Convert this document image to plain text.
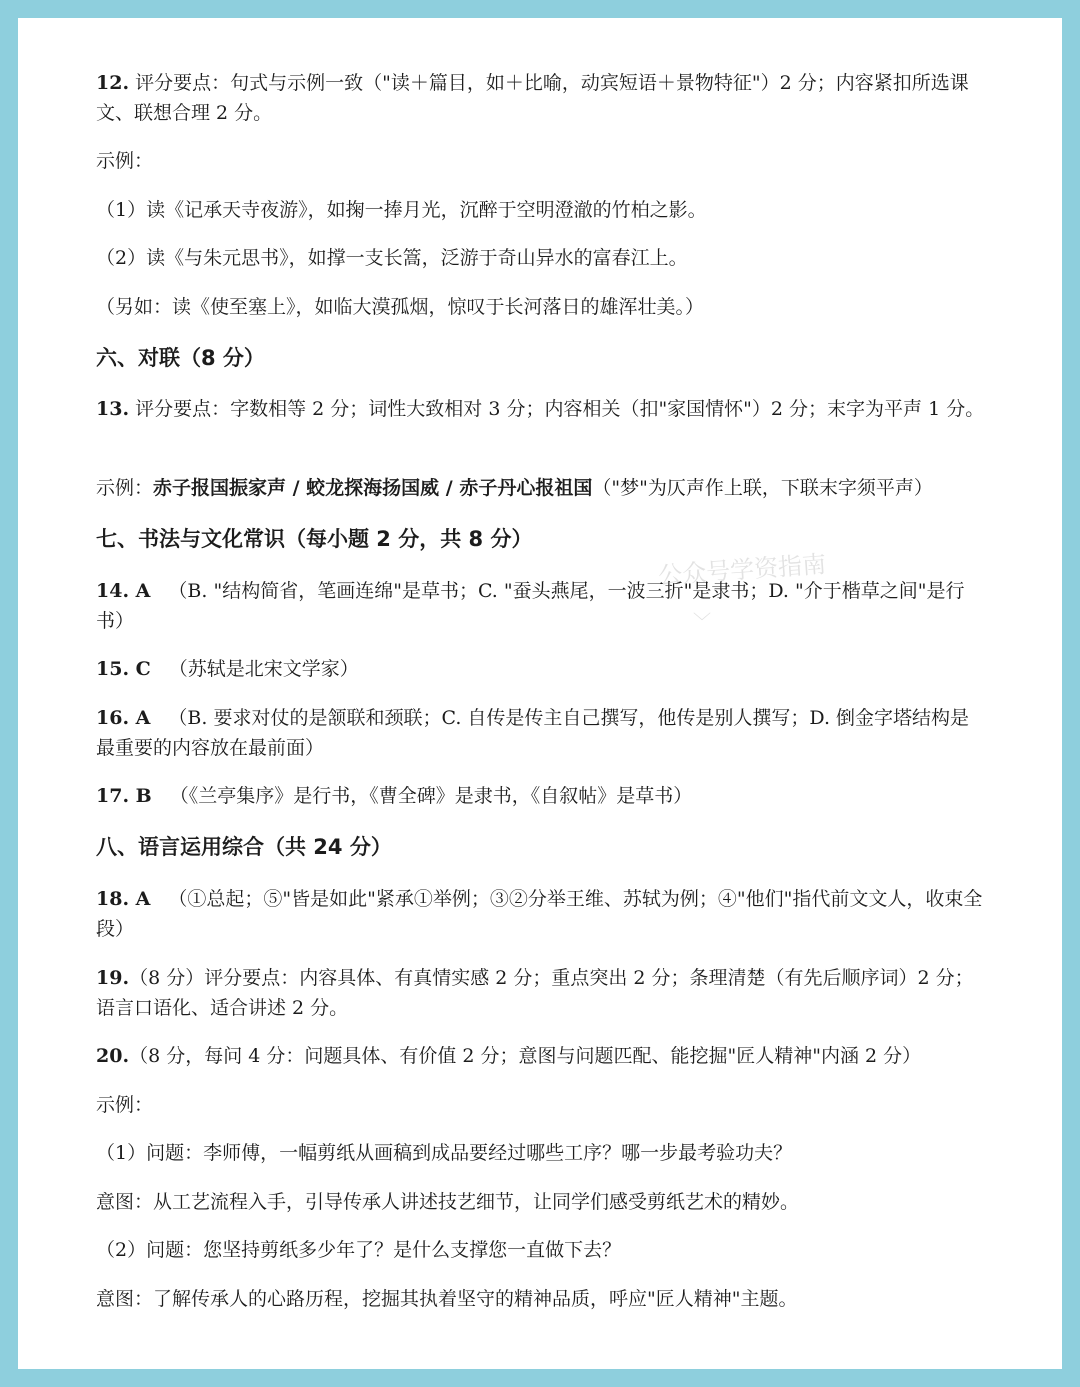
12. 评分要点：句式与示例一致（"读＋篇目，如＋比喻，动宾短语＋景物特征"）2 分；内容紧扣所选课文、联想合理 2 分。
示例：
（1）读《记承天寺夜游》，如掬一捧月光，沉醉于空明澄澈的竹柏之影。
（2）读《与朱元思书》，如撑一支长篙，泛游于奇山异水的富春江上。
（另如：读《使至塞上》，如临大漠孤烟，惊叹于长河落日的雄浑壮美。）
六、对联（8 分）
13. 评分要点：字数相等 2 分；词性大致相对 3 分；内容相关（扣"家国情怀"）2 分；末字为平声 1 分。
示例：赤子报国振家声 / 蛟龙探海扬国威 / 赤子丹心报祖国（"梦"为仄声作上联，下联末字须平声）
七、书法与文化常识（每小题 2 分，共 8 分）
14. A （B. "结构简省，笔画连绵"是草书；C. "蚕头燕尾，一波三折"是隶书；D. "介于楷草之间"是行书）
15. C （苏轼是北宋文学家）
16. A （B. 要求对仗的是颔联和颈联；C. 自传是传主自己撰写，他传是别人撰写；D. 倒金字塔结构是最重要的内容放在最前面）
17. B （《兰亭集序》是行书，《曹全碑》是隶书，《自叙帖》是草书）
八、语言运用综合（共 24 分）
18. A （①总起；⑤"皆是如此"紧承①举例；③②分举王维、苏轼为例；④"他们"指代前文文人，收束全段）
19.（8 分）评分要点：内容具体、有真情实感 2 分；重点突出 2 分；条理清楚（有先后顺序词）2 分；语言口语化、适合讲述 2 分。
20.（8 分，每问 4 分：问题具体、有价值 2 分；意图与问题匹配、能挖掘"匠人精神"内涵 2 分）
示例：
（1）问题：李师傅，一幅剪纸从画稿到成品要经过哪些工序？哪一步最考验功夫？
意图：从工艺流程入手，引导传承人讲述技艺细节，让同学们感受剪纸艺术的精妙。
（2）问题：您坚持剪纸多少年了？是什么支撑您一直做下去？
意图：了解传承人的心路历程，挖掘其执着坚守的精神品质，呼应"匠人精神"主题。
公众号学资指南
﹀
